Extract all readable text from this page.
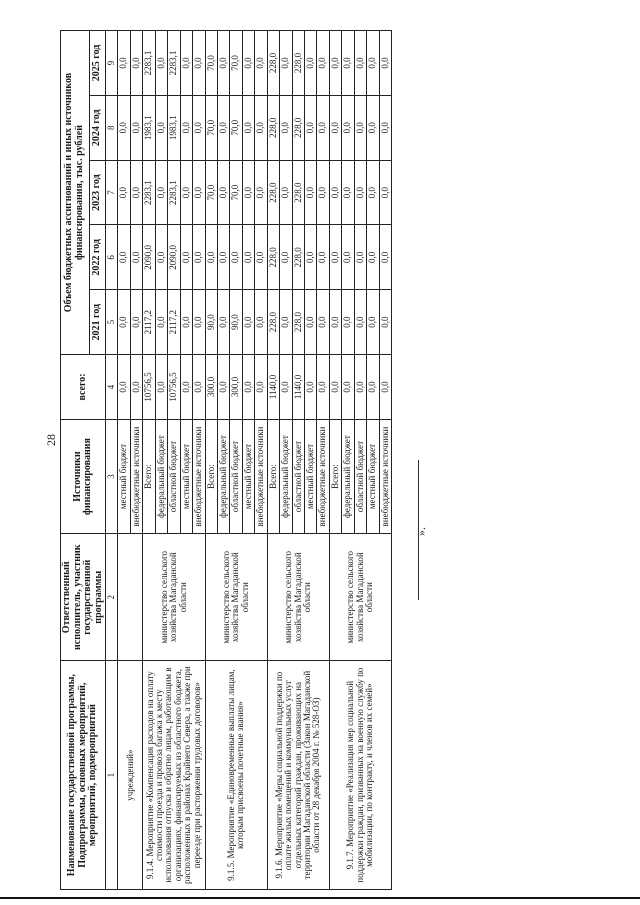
28
Наименование государственной программы, Подпрограммы, основных мероприятий, мероприятий, подмероприятий	Ответственный исполнитель, участник государственной программы	Источники финансирования	всего:	Объем бюджетных ассигнований и иных источников финансирования, тыс. рублей				
				2021 год	2022 год	2023 год	2024 год	2025 год
1	2	3	4	5	6	7	8	9
учреждений»		местный бюджет	0,0	0,0	0,0	0,0	0,0	0,0
		внебюджетные источники	0,0	0,0	0,0	0,0	0,0	0,0
9.1.4. Мероприятие «Компенсация расходов на оплату стоимости проезда и провоза багажа к месту использования отпуска и обратно лицам, работающим в организациях, финансируемых из областного бюджета, расположенных в районах Крайнего Севера, а также при переезде при расторжении трудовых договоров»	министерство сельского хозяйства Магаданской области	Всего:	10756,5	2117,2	2090,0	2283,1	1983,1	2283,1
		федеральный бюджет	0,0	0,0	0,0	0,0	0,0	0,0
		областной бюджет	10756,5	2117,2	2090,0	2283,1	1983,1	2283,1
		местный бюджет	0,0	0,0	0,0	0,0	0,0	0,0
		внебюджетные источники	0,0	0,0	0,0	0,0	0,0	0,0
9.1.5. Мероприятие «Единовременные выплаты лицам, которым присвоены почетные звания»	министерство сельского хозяйства Магаданской области	Всего:	300,0	90,0	0,0	70,0	70,0	70,0
		федеральный бюджет	0,0	0,0	0,0	0,0	0,0	0,0
		областной бюджет	300,0	90,0	0,0	70,0	70,0	70,0
		местный бюджет	0,0	0,0	0,0	0,0	0,0	0,0
		внебюджетные источники	0,0	0,0	0,0	0,0	0,0	0,0
9.1.6. Мероприятие «Меры социальной поддержки по оплате жилых помещений и коммунальных услуг отдельных категорий граждан, проживающих на территории Магаданской области (Закон Магаданской области от 28 декабря 2004 г. № 528-ОЗ)	министерство сельского хозяйства Магаданской области	Всего:	1140,0	228,0	228,0	228,0	228,0	228,0
		федеральный бюджет	0,0	0,0	0,0	0,0	0,0	0,0
		областной бюджет	1140,0	228,0	228,0	228,0	228,0	228,0
		местный бюджет	0,0	0,0	0,0	0,0	0,0	0,0
		внебюджетные источники	0,0	0,0	0,0	0,0	0,0	0,0
9.1.7. Мероприятие «Реализация мер социальной поддержки граждан, призванных на военную службу по мобилизации, по контракту, и членов их семей»	министерство сельского хозяйства Магаданской области	Всего:	0,0	0,0	0,0	0,0	0,0	0,0
		федеральный бюджет	0,0	0,0	0,0	0,0	0,0	0,0
		областной бюджет	0,0	0,0	0,0	0,0	0,0	0,0
		местный бюджет	0,0	0,0	0,0	0,0	0,0	0,0
		внебюджетные источники	0,0	0,0	0,0	0,0	0,0	0,0
».
